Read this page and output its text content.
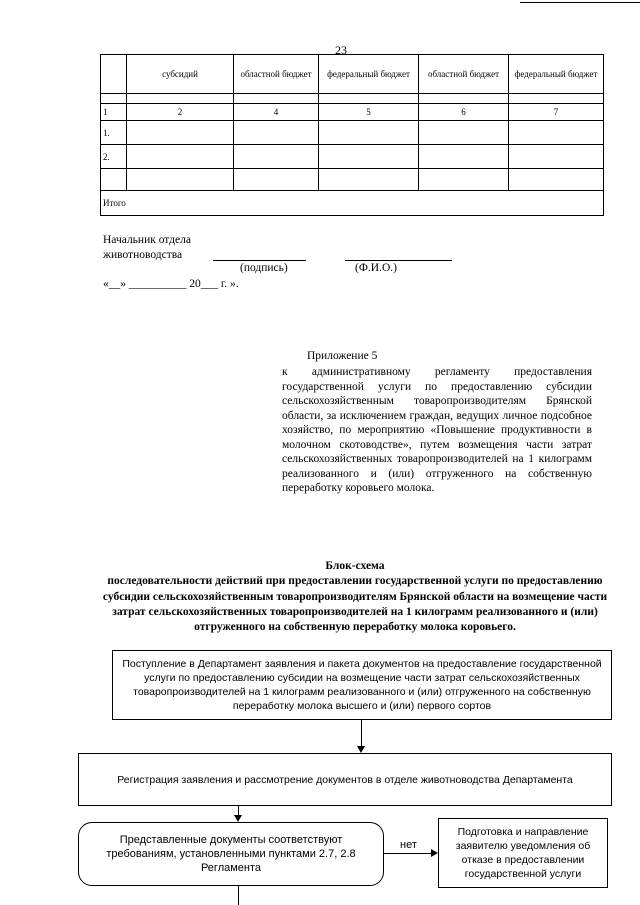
23
	субсидий	областной бюджет	федеральный бюджет	областной бюджет	федеральный бюджет

1	2	4	5	6	7
1.					
2.					

Итого					
Начальник отдела
животноводства
(подпись)	(Ф.И.О.)
«__» __________ 20___ г. ».
Приложение 5
к административному регламенту предоставления государственной услуги по предоставлению субсидии сельскохозяйственным товаропроизводителям Брянской области, за исключением граждан, ведущих личное подсобное хозяйство, по мероприятию «Повышение продуктивности в молочном скотоводстве», путем возмещения части затрат сельскохозяйственных товаропроизводителей на 1 килограмм реализованного и (или) отгруженного на собственную переработку коровьего молока.
Блок-схема
последовательности действий при предоставлении государственной услуги по предоставлению субсидии сельскохозяйственным товаропроизводителям Брянской области на возмещение части затрат сельскохозяйственных товаропроизводителей на 1 килограмм реализованного и (или) отгруженного на собственную переработку молока коровьего.
Поступление в Департамент заявления и пакета документов на предоставление государственной услуги по предоставлению субсидии на возмещение части затрат сельскохозяйственных товаропроизводителей на 1 килограмм реализованного и (или) отгруженного на собственную переработку молока высшего и (или) первого сортов
Регистрация заявления и рассмотрение документов в отделе животноводства Департамента
Представленные документы соответствуют требованиям, установленными пунктами 2.7, 2.8 Регламента
нет
Подготовка и направление заявителю уведомления об отказе в предоставлении государственной услуги
